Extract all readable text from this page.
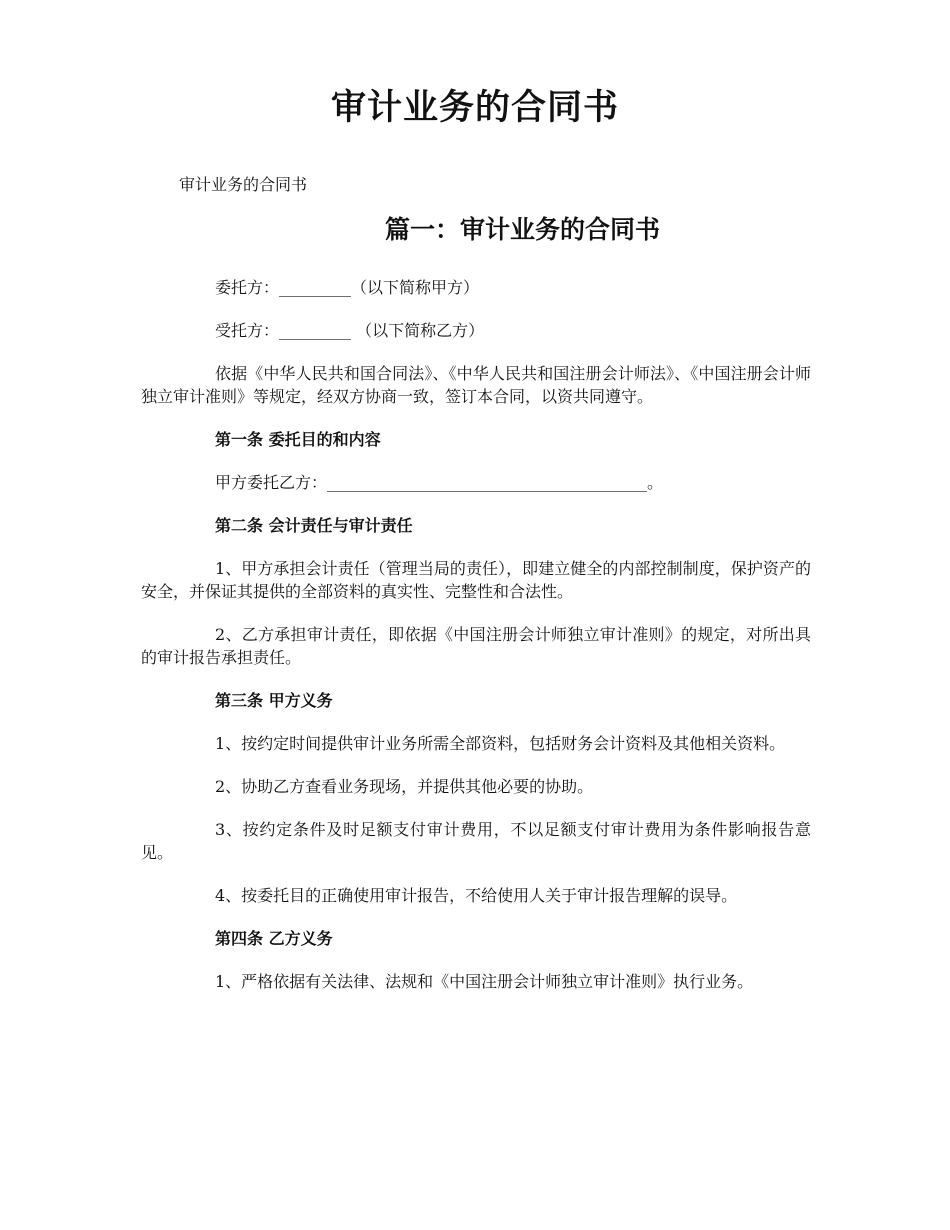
审计业务的合同书
审计业务的合同书
篇一：审计业务的合同书

委托方：_________（以下简称甲方）

受托方：_________ （以下简称乙方）

依据《中华人民共和国合同法》、《中华人民共和国注册会计师法》、《中国注册会计师独立审计准则》等规定，经双方协商一致，签订本合同，以资共同遵守。

第一条 委托目的和内容

甲方委托乙方：________________________________________。

第二条 会计责任与审计责任

1、甲方承担会计责任（管理当局的责任），即建立健全的内部控制制度，保护资产的安全，并保证其提供的全部资料的真实性、完整性和合法性。

2、乙方承担审计责任，即依据《中国注册会计师独立审计准则》的规定，对所出具的审计报告承担责任。

第三条 甲方义务

1、按约定时间提供审计业务所需全部资料，包括财务会计资料及其他相关资料。

2、协助乙方查看业务现场，并提供其他必要的协助。

3、按约定条件及时足额支付审计费用，不以足额支付审计费用为条件影响报告意见。

4、按委托目的正确使用审计报告，不给使用人关于审计报告理解的误导。

第四条 乙方义务

1、严格依据有关法律、法规和《中国注册会计师独立审计准则》执行业务。
